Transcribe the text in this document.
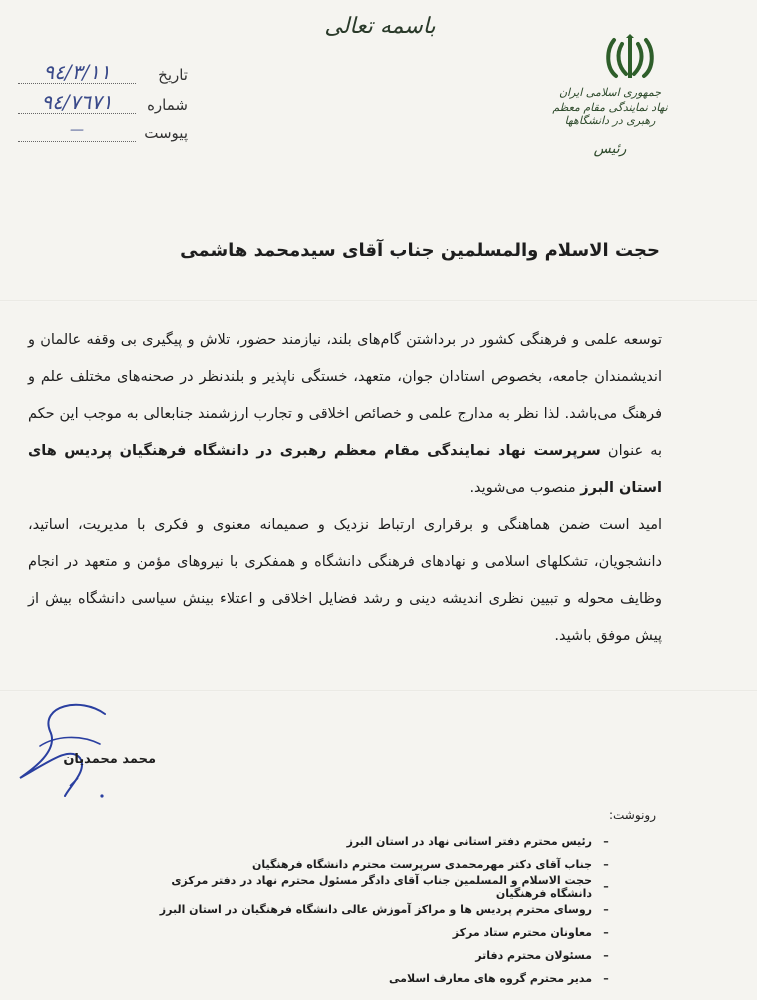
باسمه تعالی
جمهوری اسلامی ایران
نهاد نمایندگی مقام معظم رهبری در دانشگاهها
رئیس
تاریخ
٩٤/٣/١١
شماره
٩٤/٧٦٧١
پیوست
—
حجت الاسلام والمسلمین جناب آقای سیدمحمد هاشمی

توسعه علمی و فرهنگی کشور در برداشتن گام‌های بلند، نیازمند حضور، تلاش و پیگیری بی وقفه عالمان و اندیشمندان جامعه، بخصوص استادان جوان، متعهد، خستگی ناپذیر و بلندنظر در صحنه‌های مختلف علم و فرهنگ می‌باشد. لذا نظر به مدارج علمی و خصائص اخلاقی و تجارب ارزشمند جنابعالی به موجب این حکم به عنوان سرپرست نهاد نمایندگی مقام معظم رهبری در دانشگاه فرهنگیان پردیس های استان البرز منصوب می‌شوید.

امید است ضمن هماهنگی و برقراری ارتباط نزدیک و صمیمانه معنوی و فکری با مدیریت، اساتید، دانشجویان، تشکلهای اسلامی و نهادهای فرهنگی دانشگاه و همفکری با نیروهای مؤمن و متعهد در انجام وظایف محوله و تبیین نظری اندیشه دینی و رشد فضایل اخلاقی و اعتلاء بینش سیاسی دانشگاه بیش از پیش موفق باشید.

محمد محمدیان
رونوشت:
–
رئیس محترم دفتر استانی نهاد در استان البرز
–
جناب آقای دکتر مهرمحمدی سرپرست محترم دانشگاه فرهنگیان
–
حجت الاسلام و المسلمین جناب آقای دادگر مسئول محترم نهاد در دفتر مرکزی دانشگاه فرهنگیان
–
روسای محترم پردیس ها و مراکز آموزش عالی دانشگاه فرهنگیان در استان البرز
–
معاونان محترم ستاد مرکز
–
مسئولان محترم دفاتر
–
مدیر محترم گروه های معارف اسلامی
